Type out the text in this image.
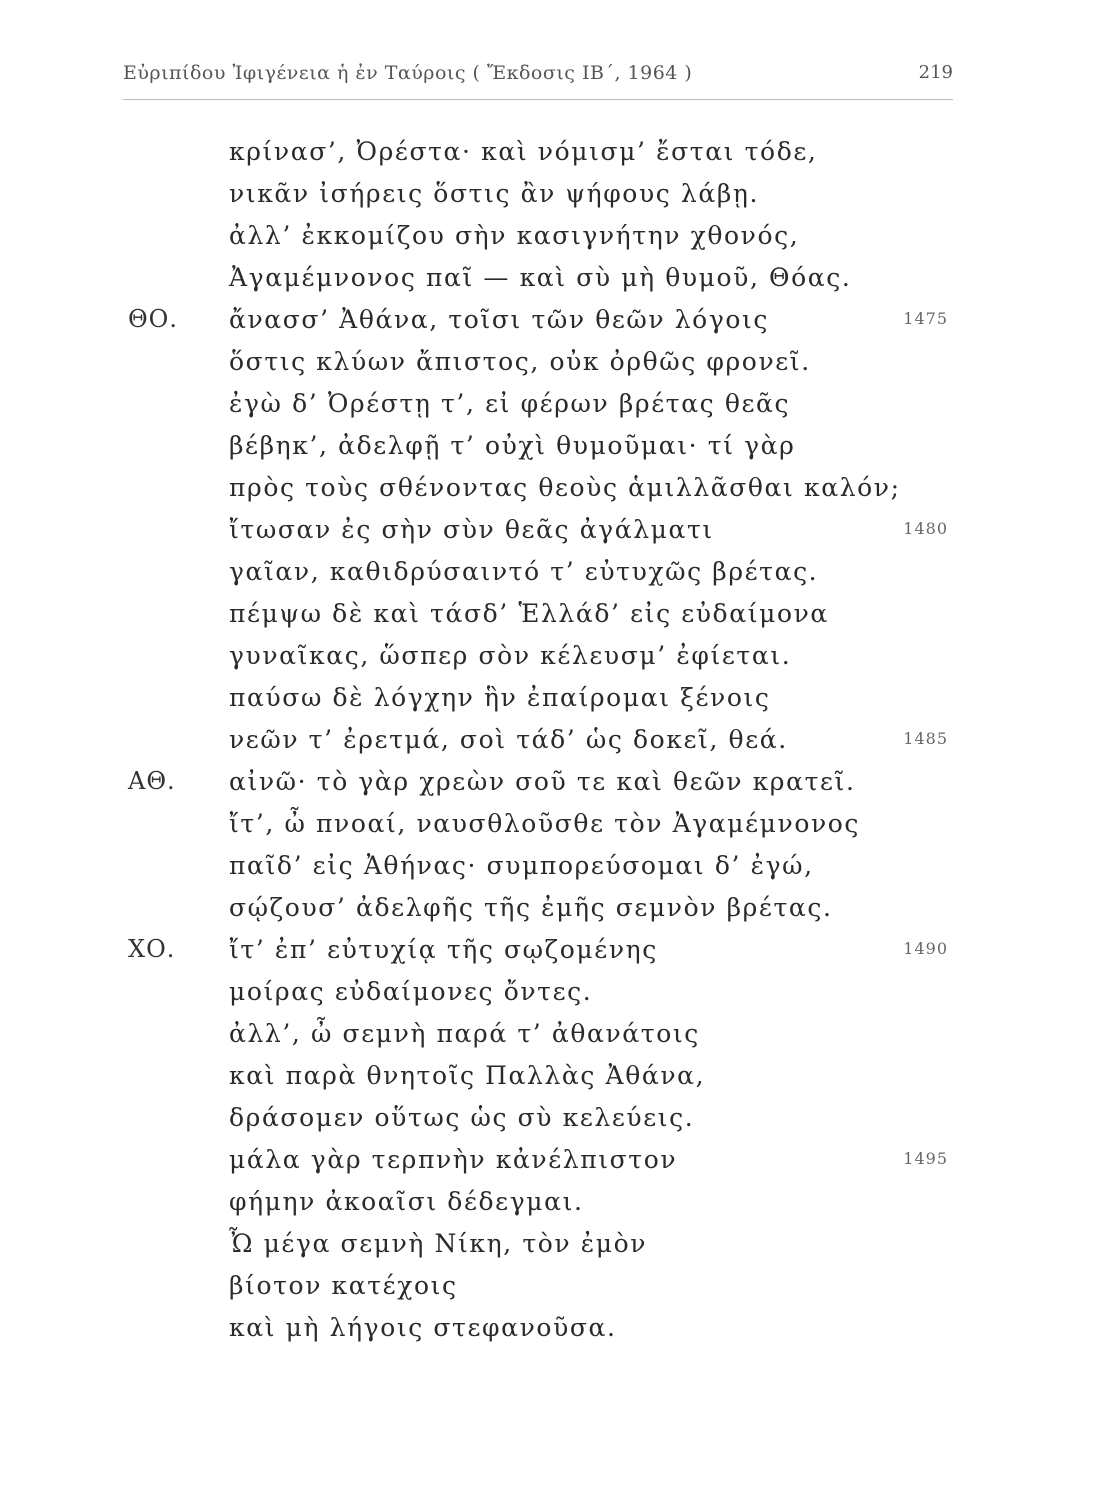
Εὐριπίδου Ἰφιγένεια ἡ ἐν Ταύροις ( Ἔκδοσις ΙΒ΄, 1964 )	219
κρίνασ’, Ὀρέστα· καὶ νόμισμ’ ἔσται τόδε,
νικᾶν ἰσήρεις ὅστις ἂν ψήφους λάβῃ.
ἀλλ’ ἐκκομίζου σὴν κασιγνήτην χθονός,
Ἀγαμέμνονος παῖ — καὶ σὺ μὴ θυμοῦ, Θόας.
ΘΟ. ἄνασσ’ Ἀθάνα, τοῖσι τῶν θεῶν λόγοις	1475
ὅστις κλύων ἄπιστος, οὐκ ὀρθῶς φρονεῖ.
ἐγὼ δ’ Ὀρέστῃ τ’, εἰ φέρων βρέτας θεᾶς
βέβηκ’, ἀδελφῇ τ’ οὐχὶ θυμοῦμαι· τί γὰρ
πρὸς τοὺς σθένοντας θεοὺς ἁμιλλᾶσθαι καλόν;
ἴτωσαν ἐς σὴν σὺν θεᾶς ἀγάλματι	1480
γαῖαν, καθιδρύσαιντό τ’ εὐτυχῶς βρέτας.
πέμψω δὲ καὶ τάσδ’ Ἑλλάδ’ εἰς εὐδαίμονα
γυναῖκας, ὥσπερ σὸν κέλευσμ’ ἐφίεται.
παύσω δὲ λόγχην ἣν ἐπαίρομαι ξένοις
νεῶν τ’ ἐρετμά, σοὶ τάδ’ ὡς δοκεῖ, θεά.	1485
ΑΘ. αἰνῶ· τὸ γὰρ χρεὼν σοῦ τε καὶ θεῶν κρατεῖ.
ἴτ’, ὦ πνοαί, ναυσθλοῦσθε τὸν Ἀγαμέμνονος
παῖδ’ εἰς Ἀθήνας· συμπορεύσομαι δ’ ἐγώ,
σῴζουσ’ ἀδελφῆς τῆς ἐμῆς σεμνὸν βρέτας.
ΧΟ. ἴτ’ ἐπ’ εὐτυχίᾳ τῆς σῳζομένης	1490
μοίρας εὐδαίμονες ὄντες.
ἀλλ’, ὦ σεμνὴ παρά τ’ ἀθανάτοις
καὶ παρὰ θνητοῖς Παλλὰς Ἀθάνα,
δράσομεν οὕτως ὡς σὺ κελεύεις.
μάλα γὰρ τερπνὴν κἀνέλπιστον	1495
φήμην ἀκοαῖσι δέδεγμαι.
Ὦ μέγα σεμνὴ Νίκη, τὸν ἐμὸν
βίοτον κατέχοις
καὶ μὴ λήγοις στεφανοῦσα.
